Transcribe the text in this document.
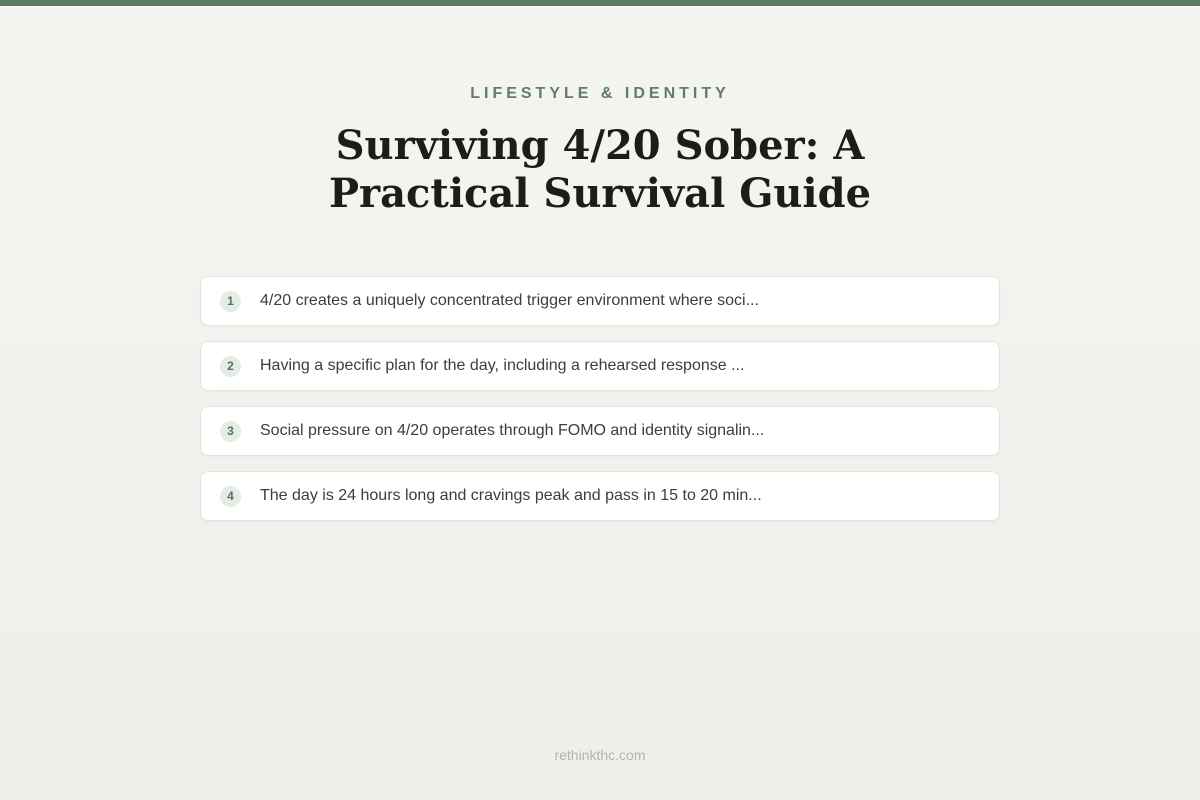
LIFESTYLE & IDENTITY
Surviving 4/20 Sober: A Practical Survival Guide
1	4/20 creates a uniquely concentrated trigger environment where soci...
2	Having a specific plan for the day, including a rehearsed response ...
3	Social pressure on 4/20 operates through FOMO and identity signalin...
4	The day is 24 hours long and cravings peak and pass in 15 to 20 min...
rethinkthc.com
